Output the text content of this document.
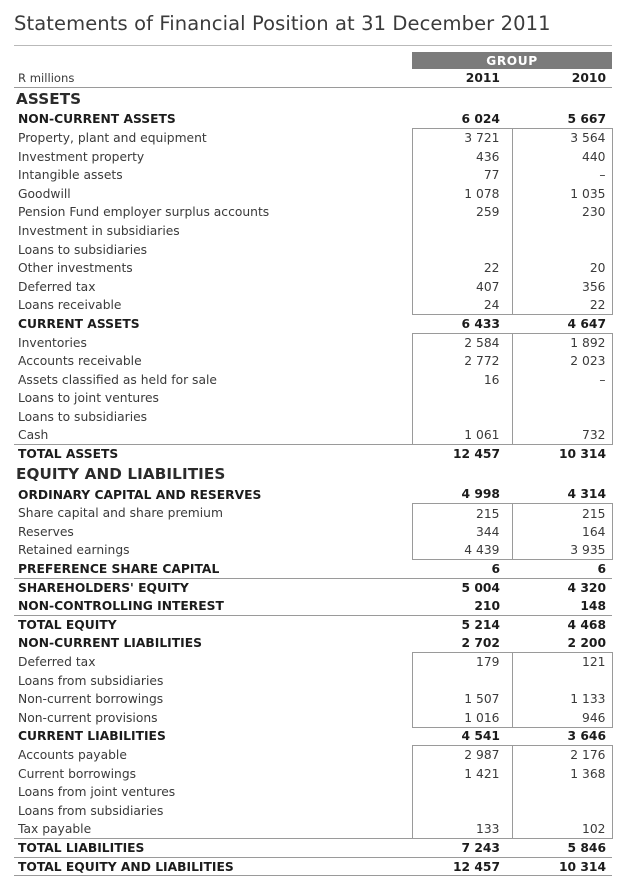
Statements of Financial Position at 31 December 2011
	GROUP	
R millions	2011	2010
ASSETS		
NON-CURRENT ASSETS	6 024	5 667
Property, plant and equipment	3 721	3 564
Investment property	436	440
Intangible assets	77	–
Goodwill	1 078	1 035
Pension Fund employer surplus accounts	259	230
Investment in subsidiaries		
Loans to subsidiaries		
Other investments	22	20
Deferred tax	407	356
Loans receivable	24	22
CURRENT ASSETS	6 433	4 647
Inventories	2 584	1 892
Accounts receivable	2 772	2 023
Assets classified as held for sale	16	–
Loans to joint ventures		
Loans to subsidiaries		
Cash	1 061	732
TOTAL ASSETS	12 457	10 314
EQUITY AND LIABILITIES		
ORDINARY CAPITAL AND RESERVES	4 998	4 314
Share capital and share premium	215	215
Reserves	344	164
Retained earnings	4 439	3 935
PREFERENCE SHARE CAPITAL	6	6
SHAREHOLDERS' EQUITY	5 004	4 320
NON-CONTROLLING INTEREST	210	148
TOTAL EQUITY	5 214	4 468
NON-CURRENT LIABILITIES	2 702	2 200
Deferred tax	179	121
Loans from subsidiaries		
Non-current borrowings	1 507	1 133
Non-current provisions	1 016	946
CURRENT LIABILITIES	4 541	3 646
Accounts payable	2 987	2 176
Current borrowings	1 421	1 368
Loans from joint ventures		
Loans from subsidiaries		
Tax payable	133	102
TOTAL LIABILITIES	7 243	5 846
TOTAL EQUITY AND LIABILITIES	12 457	10 314
